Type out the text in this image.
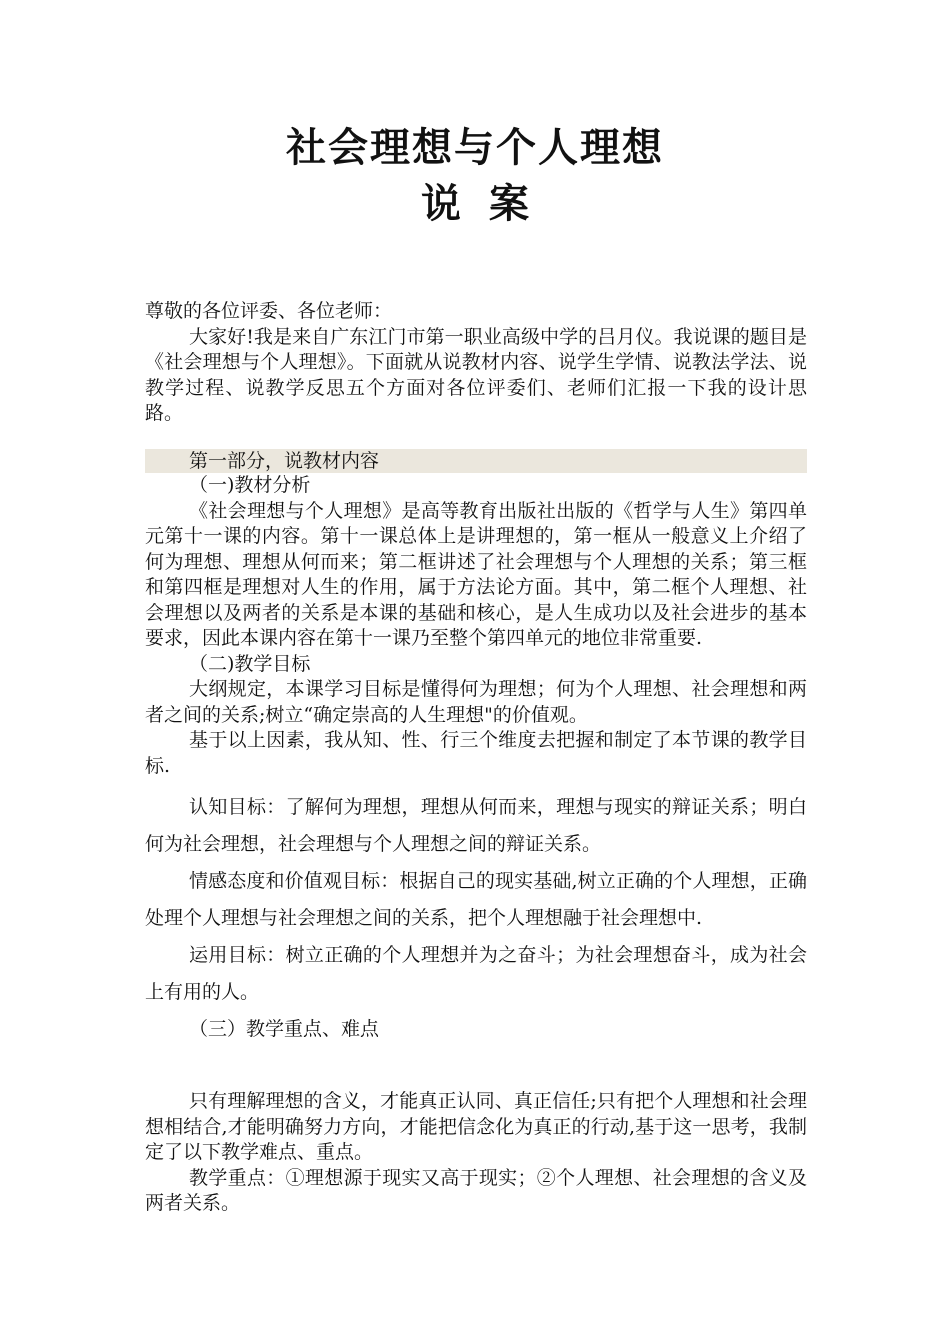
社会理想与个人理想
说案

尊敬的各位评委、各位老师：

大家好!我是来自广东江门市第一职业高级中学的吕月仪。我说课的题目是《社会理想与个人理想》。下面就从说教材内容、说学生学情、说教法学法、说教学过程、说教学反思五个方面对各位评委们、老师们汇报一下我的设计思路。

第一部分，说教材内容

（一)教材分析

《社会理想与个人理想》是高等教育出版社出版的《哲学与人生》第四单元第十一课的内容。第十一课总体上是讲理想的，第一框从一般意义上介绍了何为理想、理想从何而来；第二框讲述了社会理想与个人理想的关系；第三框和第四框是理想对人生的作用，属于方法论方面。其中，第二框个人理想、社会理想以及两者的关系是本课的基础和核心，是人生成功以及社会进步的基本要求，因此本课内容在第十一课乃至整个第四单元的地位非常重要.

（二)教学目标

大纲规定，本课学习目标是懂得何为理想；何为个人理想、社会理想和两者之间的关系;树立“确定崇高的人生理想"的价值观。

基于以上因素，我从知、性、行三个维度去把握和制定了本节课的教学目标.

认知目标：了解何为理想，理想从何而来，理想与现实的辩证关系；明白何为社会理想，社会理想与个人理想之间的辩证关系。

情感态度和价值观目标：根据自己的现实基础,树立正确的个人理想，正确处理个人理想与社会理想之间的关系，把个人理想融于社会理想中.

运用目标：树立正确的个人理想并为之奋斗；为社会理想奋斗，成为社会上有用的人。

（三）教学重点、难点

只有理解理想的含义，才能真正认同、真正信任;只有把个人理想和社会理想相结合,才能明确努力方向，才能把信念化为真正的行动,基于这一思考，我制定了以下教学难点、重点。

教学重点：①理想源于现实又高于现实；②个人理想、社会理想的含义及两者关系。
